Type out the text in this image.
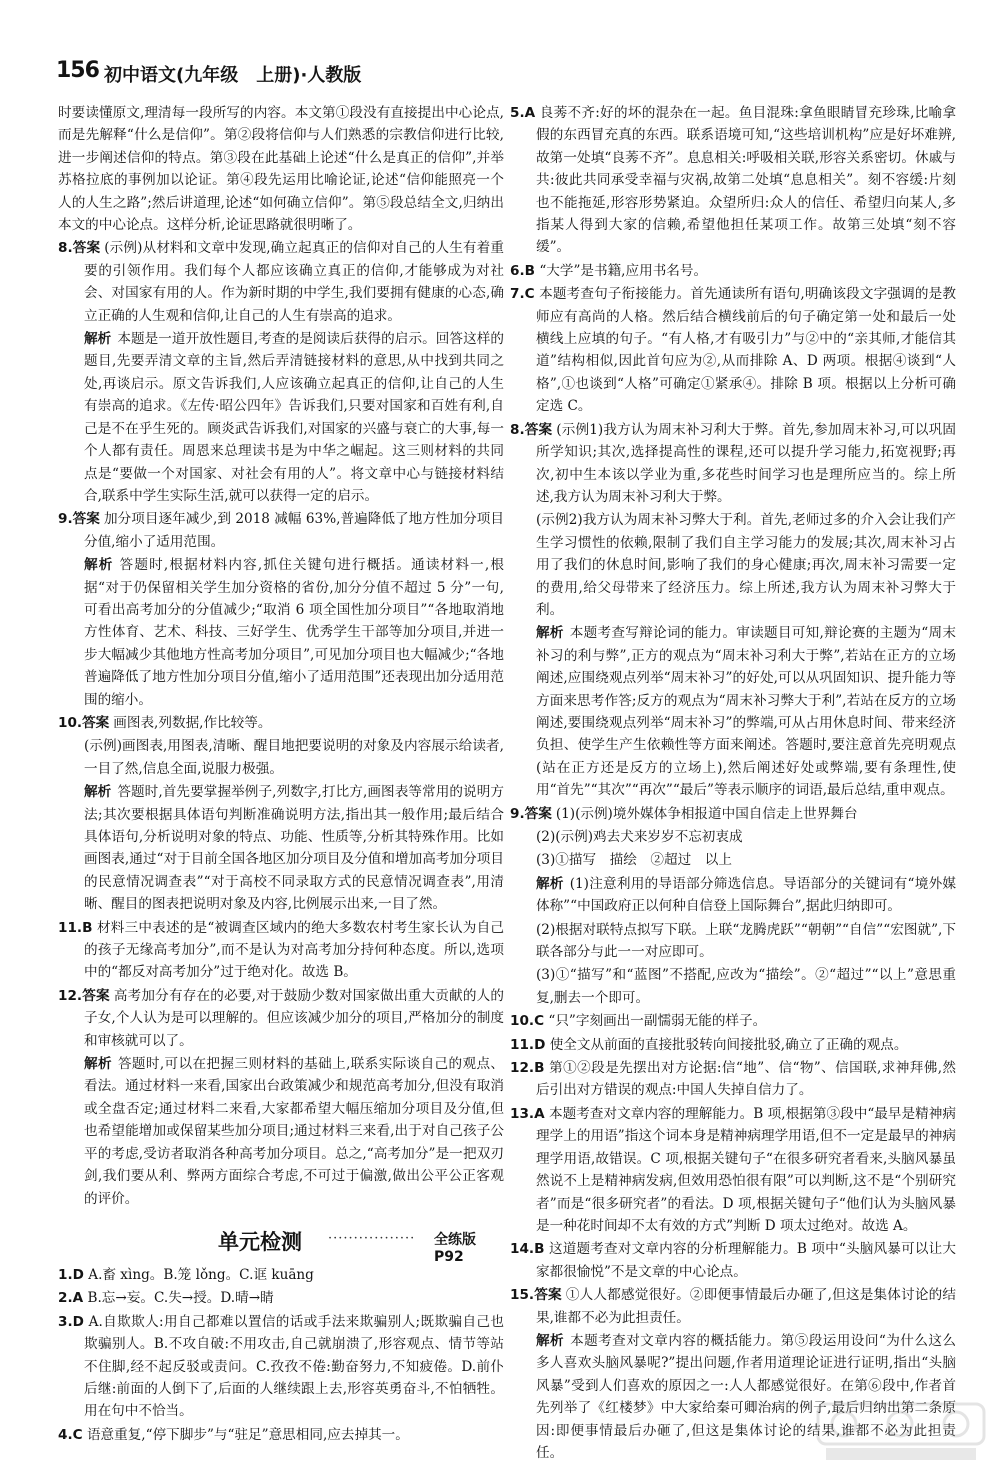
156 初中语文(九年级　上册)·人教版

时要读懂原文,理清每一段所写的内容。本文第①段没有直接提出中心论点,而是先解释“什么是信仰”。第②段将信仰与人们熟悉的宗教信仰进行比较,进一步阐述信仰的特点。第③段在此基础上论述“什么是真正的信仰”,并举苏格拉底的事例加以论证。第④段先运用比喻论证,论述“信仰能照亮一个人的人生之路”;然后讲道理,论述“如何确立信仰”。第⑤段总结全文,归纳出本文的中心论点。这样分析,论证思路就很明晰了。

8.答案 (示例)从材料和文章中发现,确立起真正的信仰对自己的人生有着重要的引领作用。我们每个人都应该确立真正的信仰,才能够成为对社会、对国家有用的人。作为新时期的中学生,我们要拥有健康的心态,确立正确的人生观和信仰,让自己的人生有崇高的追求。

解析 本题是一道开放性题目,考查的是阅读后获得的启示。回答这样的题目,先要弄清文章的主旨,然后弄清链接材料的意思,从中找到共同之处,再谈启示。原文告诉我们,人应该确立起真正的信仰,让自己的人生有崇高的追求。《左传·昭公四年》告诉我们,只要对国家和百姓有利,自己是不在乎生死的。顾炎武告诉我们,对国家的兴盛与衰亡的大事,每一个人都有责任。周恩来总理读书是为中华之崛起。这三则材料的共同点是“要做一个对国家、对社会有用的人”。将文章中心与链接材料结合,联系中学生实际生活,就可以获得一定的启示。

9.答案 加分项目逐年减少,到 2018 减幅 63%,普遍降低了地方性加分项目分值,缩小了适用范围。

解析 答题时,根据材料内容,抓住关键句进行概括。通读材料一,根据“对于仍保留相关学生加分资格的省份,加分分值不超过 5 分”一句,可看出高考加分的分值减少;“取消 6 项全国性加分项目”“各地取消地方性体育、艺术、科技、三好学生、优秀学生干部等加分项目,并进一步大幅减少其他地方性高考加分项目”,可见加分项目也大幅减少;“各地普遍降低了地方性加分项目分值,缩小了适用范围”还表现出加分适用范围的缩小。

10.答案 画图表,列数据,作比较等。

(示例)画图表,用图表,清晰、醒目地把要说明的对象及内容展示给读者,一目了然,信息全面,说服力极强。

解析 答题时,首先要掌握举例子,列数字,打比方,画图表等常用的说明方法;其次要根据具体语句判断准确说明方法,指出其一般作用;最后结合具体语句,分析说明对象的特点、功能、性质等,分析其特殊作用。比如画图表,通过“对于目前全国各地区加分项目及分值和增加高考加分项目的民意情况调查表”“对于高校不同录取方式的民意情况调查表”,用清晰、醒目的图表把说明对象及内容,比例展示出来,一目了然。

11.B 材料三中表述的是“被调查区域内的绝大多数农村考生家长认为自己的孩子无缘高考加分”,而不是认为对高考加分持何种态度。所以,选项中的“都反对高考加分”过于绝对化。故选 B。

12.答案 高考加分有存在的必要,对于鼓励少数对国家做出重大贡献的人的子女,个人认为是可以理解的。但应该减少加分的项目,严格加分的制度和审核就可以了。

解析 答题时,可以在把握三则材料的基础上,联系实际谈自己的观点、看法。通过材料一来看,国家出台政策减少和规范高考加分,但没有取消或全盘否定;通过材料二来看,大家都希望大幅压缩加分项目及分值,但也希望能增加或保留某些加分项目;通过材料三来看,出于对自己孩子公平的考虑,受访者取消各种高考加分项目。总之,“高考加分”是一把双刃剑,我们要从利、弊两方面综合考虑,不可过于偏激,做出公平公正客观的评价。

单元检测 ················· 全练版 P92

1.D A.畜 xìng。B.笼 lǒng。C.诓 kuāng

2.A B.忘→妄。C.失→授。D.晴→睛

3.D A.自欺欺人:用自己都难以置信的话或手法来欺骗别人;既欺骗自己也欺骗别人。B.不攻自破:不用攻击,自己就崩溃了,形容观点、情节等站不住脚,经不起反驳或责问。C.孜孜不倦:勤奋努力,不知疲倦。D.前仆后继:前面的人倒下了,后面的人继续跟上去,形容英勇奋斗,不怕牺牲。用在句中不恰当。

4.C 语意重复,“停下脚步”与“驻足”意思相同,应去掉其一。

5.A 良莠不齐:好的坏的混杂在一起。鱼目混珠:拿鱼眼睛冒充珍珠,比喻拿假的东西冒充真的东西。联系语境可知,“这些培训机构”应是好坏难辨,故第一处填“良莠不齐”。息息相关:呼吸相关联,形容关系密切。休戚与共:彼此共同承受幸福与灾祸,故第二处填“息息相关”。刻不容缓:片刻也不能拖延,形容形势紧迫。众望所归:众人的信任、希望归向某人,多指某人得到大家的信赖,希望他担任某项工作。故第三处填“刻不容缓”。

6.B “大学”是书籍,应用书名号。

7.C 本题考查句子衔接能力。首先通读所有语句,明确该段文字强调的是教师应有高尚的人格。然后结合横线前后的句子确定第一处和最后一处横线上应填的句子。“有人格,才有吸引力”与②中的“亲其师,才能信其道”结构相似,因此首句应为②,从而排除 A、D 两项。根据④谈到“人格”,①也谈到“人格”可确定①紧承④。排除 B 项。根据以上分析可确定选 C。

8.答案 (示例1)我方认为周末补习利大于弊。首先,参加周末补习,可以巩固所学知识;其次,选择提高性的课程,还可以提升学习能力,拓宽视野;再次,初中生本该以学业为重,多花些时间学习也是理所应当的。综上所述,我方认为周末补习利大于弊。

(示例2)我方认为周末补习弊大于利。首先,老师过多的介入会让我们产生学习惯性的依赖,限制了我们自主学习能力的发展;其次,周末补习占用了我们的休息时间,影响了我们的身心健康;再次,周末补习需要一定的费用,给父母带来了经济压力。综上所述,我方认为周末补习弊大于利。

解析 本题考查写辩论词的能力。审读题目可知,辩论赛的主题为“周末补习的利与弊”,正方的观点为“周末补习利大于弊”,若站在正方的立场阐述,应围绕观点列举“周末补习”的好处,可以从巩固知识、提升能力等方面来思考作答;反方的观点为“周末补习弊大于利”,若站在反方的立场阐述,要围绕观点列举“周末补习”的弊端,可从占用休息时间、带来经济负担、使学生产生依赖性等方面来阐述。答题时,要注意首先亮明观点(站在正方还是反方的立场上),然后阐述好处或弊端,要有条理性,使用“首先”“其次”“再次”“最后”等表示顺序的词语,最后总结,重申观点。

9.答案 (1)(示例)境外媒体争相报道中国自信走上世界舞台

(2)(示例)鸡去犬来岁岁不忘初衷成

(3)①描写　描绘　②超过　以上

解析 (1)注意利用的导语部分筛选信息。导语部分的关键词有“境外媒体称”“中国政府正以何种自信登上国际舞台”,据此归纳即可。

(2)根据对联特点拟写下联。上联“龙腾虎跃”“朝朝”“自信”“宏图就”,下联各部分与此一一对应即可。

(3)①“描写”和“蓝图”不搭配,应改为“描绘”。②“超过”“以上”意思重复,删去一个即可。

10.C “只”字刻画出一副懦弱无能的样子。

11.D 使全文从前面的直接批驳转向间接批驳,确立了正确的观点。

12.B 第①②段是先摆出对方论据:信“地”、信“物”、信国联,求神拜佛,然后引出对方错误的观点:中国人失掉自信力了。

13.A 本题考查对文章内容的理解能力。B 项,根据第③段中“最早是精神病理学上的用语”指这个词本身是精神病理学用语,但不一定是最早的神病理学用语,故错误。C 项,根据关键句子“在很多研究者看来,头脑风暴虽然说不上是精神病发病,但效用恐怕很有限”可以判断,这不是“个别研究者”而是“很多研究者”的看法。D 项,根据关键句子“他们认为头脑风暴是一种花时间却不太有效的方式”判断 D 项太过绝对。故选 A。

14.B 这道题考查对文章内容的分析理解能力。B 项中“头脑风暴可以让大家都很愉悦”不是文章的中心论点。

15.答案 ①人人都感觉很好。②即便事情最后办砸了,但这是集体讨论的结果,谁都不必为此担责任。

解析 本题考查对文章内容的概括能力。第⑤段运用设问“为什么这么多人喜欢头脑风暴呢?”提出问题,作者用道理论证进行证明,指出“头脑风暴”受到人们喜欢的原因之一:人人都感觉很好。在第⑥段中,作者首先列举了《红楼梦》中大家给秦可卿治病的例子,最后归纳出第二条原因:即便事情最后办砸了,但这是集体讨论的结果,谁都不必为此担责任。
